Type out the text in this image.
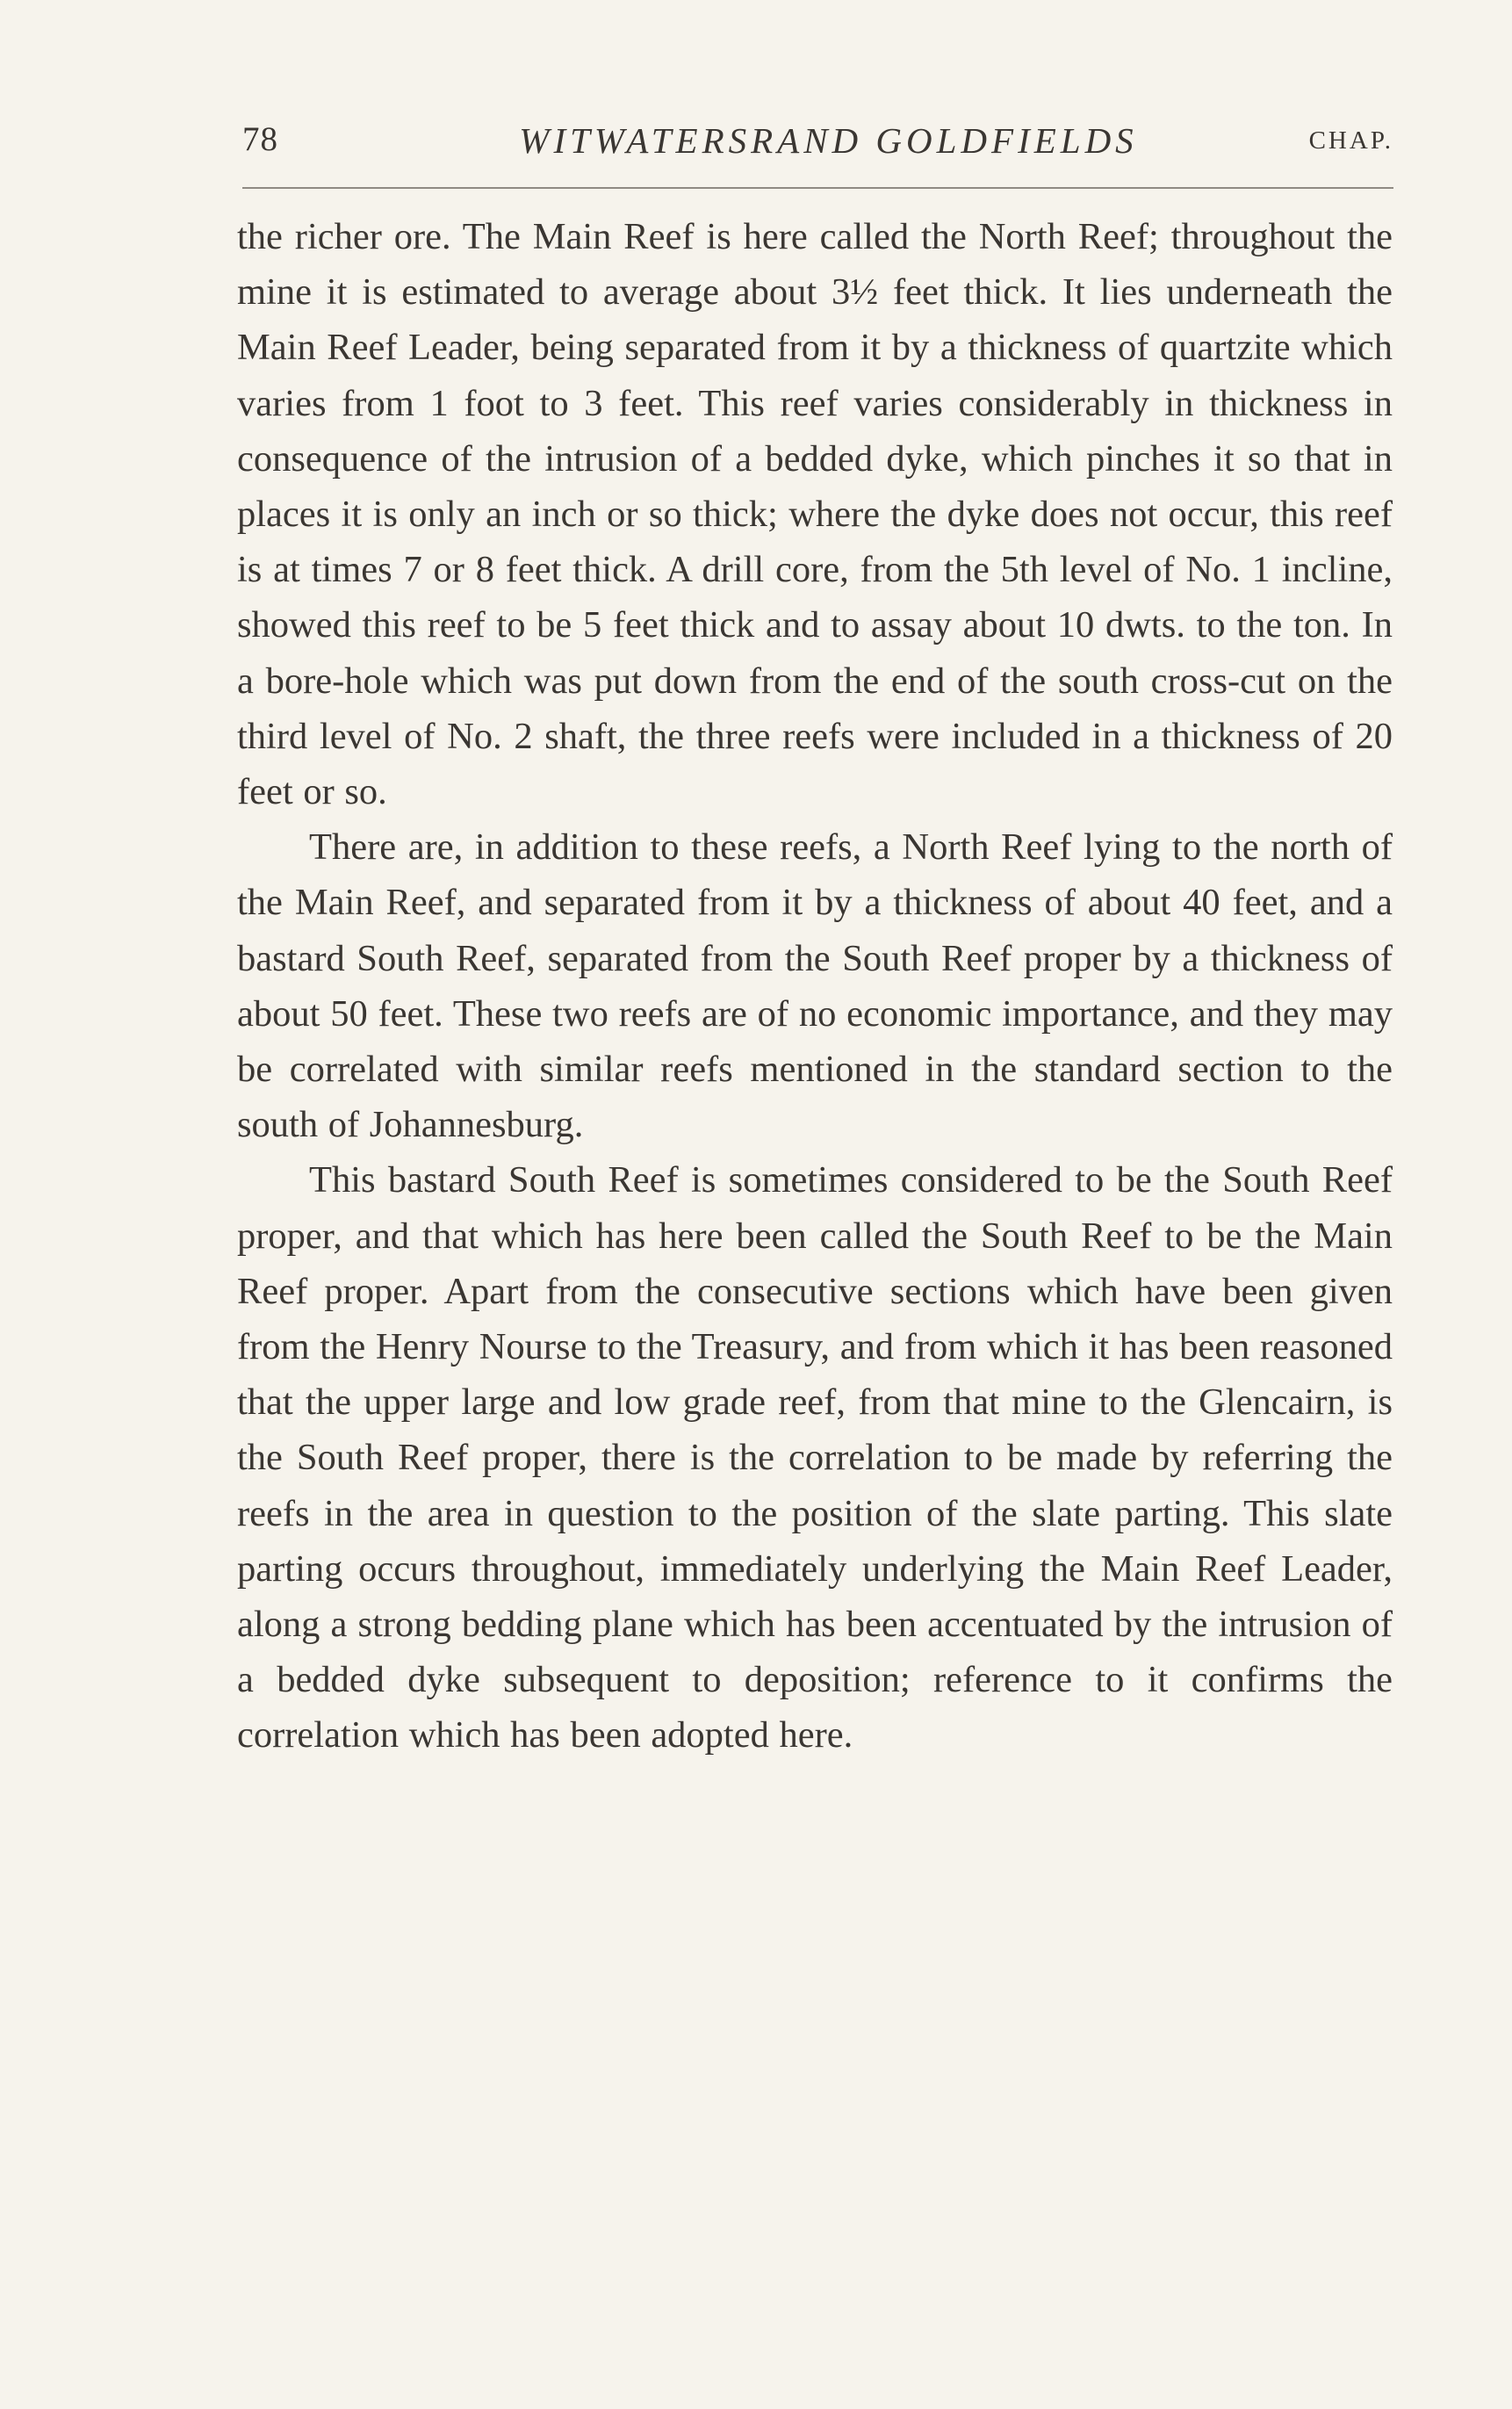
78	WITWATERSRAND GOLDFIELDS	CHAP.

the richer ore. The Main Reef is here called the North Reef; throughout the mine it is estimated to average about 3½ feet thick. It lies underneath the Main Reef Leader, being separated from it by a thickness of quartzite which varies from 1 foot to 3 feet. This reef varies considerably in thickness in consequence of the intrusion of a bedded dyke, which pinches it so that in places it is only an inch or so thick; where the dyke does not occur, this reef is at times 7 or 8 feet thick. A drill core, from the 5th level of No. 1 incline, showed this reef to be 5 feet thick and to assay about 10 dwts. to the ton. In a bore-hole which was put down from the end of the south cross-cut on the third level of No. 2 shaft, the three reefs were included in a thickness of 20 feet or so.

There are, in addition to these reefs, a North Reef lying to the north of the Main Reef, and separated from it by a thickness of about 40 feet, and a bastard South Reef, separated from the South Reef proper by a thickness of about 50 feet. These two reefs are of no economic importance, and they may be correlated with similar reefs mentioned in the standard section to the south of Johannesburg.

This bastard South Reef is sometimes considered to be the South Reef proper, and that which has here been called the South Reef to be the Main Reef proper. Apart from the consecutive sections which have been given from the Henry Nourse to the Treasury, and from which it has been reasoned that the upper large and low grade reef, from that mine to the Glencairn, is the South Reef proper, there is the correlation to be made by referring the reefs in the area in question to the position of the slate parting. This slate parting occurs throughout, immediately underlying the Main Reef Leader, along a strong bedding plane which has been accentuated by the intrusion of a bedded dyke subsequent to deposition; reference to it confirms the correlation which has been adopted here.
